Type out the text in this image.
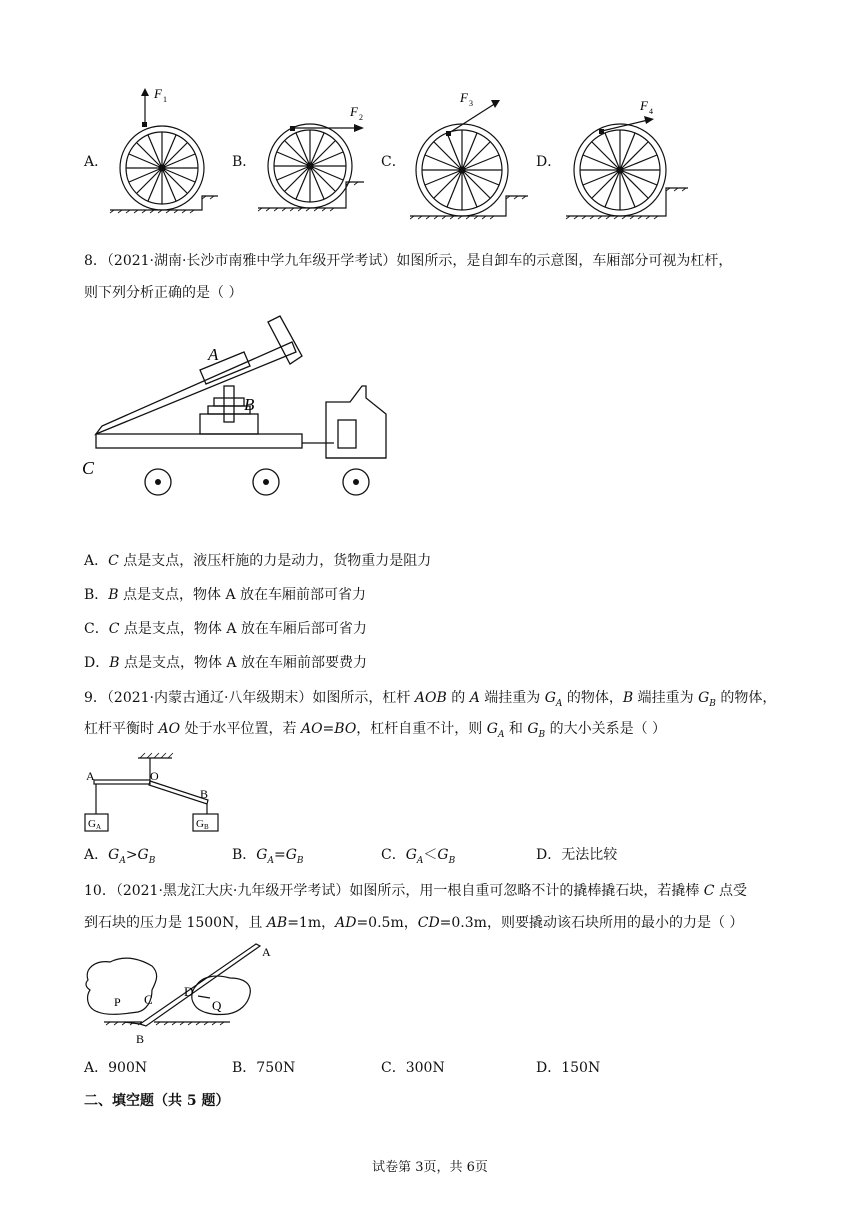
A．	B．	C．	D．
F 1
F 2
F 3	F 4
8．（2021·湖南·长沙市南雅中学九年级开学考试）如图所示，是自卸车的示意图，车厢部分可视为杠杆，
则下列分析正确的是（ ）
A
B
C
A．C 点是支点，液压杆施的力是动力，货物重力是阻力
B．B 点是支点，物体 A 放在车厢前部可省力
C．C 点是支点，物体 A 放在车厢后部可省力
D．B 点是支点，物体 A 放在车厢前部要费力
9．（2021·内蒙古通辽·八年级期末）如图所示，杠杆 AOB 的 A 端挂重为 $G_A$ 的物体，B 端挂重为 $G_B$ 的物体，
杠杆平衡时 AO 处于水平位置，若 AO=BO，杠杆自重不计，则 $G_A$ 和 $G_B$ 的大小关系是（ ）
A	O
B
G A	G B
A．$G_A>G_B$	B．$G_A=G_B$	C．$G_A<G_B$	D．无法比较
10．（2021·黑龙江大庆·九年级开学考试）如图所示，用一根自重可忽略不计的撬棒撬石块，若撬棒 C 点受
到石块的压力是 1500N，且 AB=1m，AD=0.5m，CD=0.3m，则要撬动该石块所用的最小的力是（ ）
A
B
C
D
P	Q
A．900N	B．750N	C．300N	D．150N
二、填空题（共 5 题）
试卷第 3页，共 6页
